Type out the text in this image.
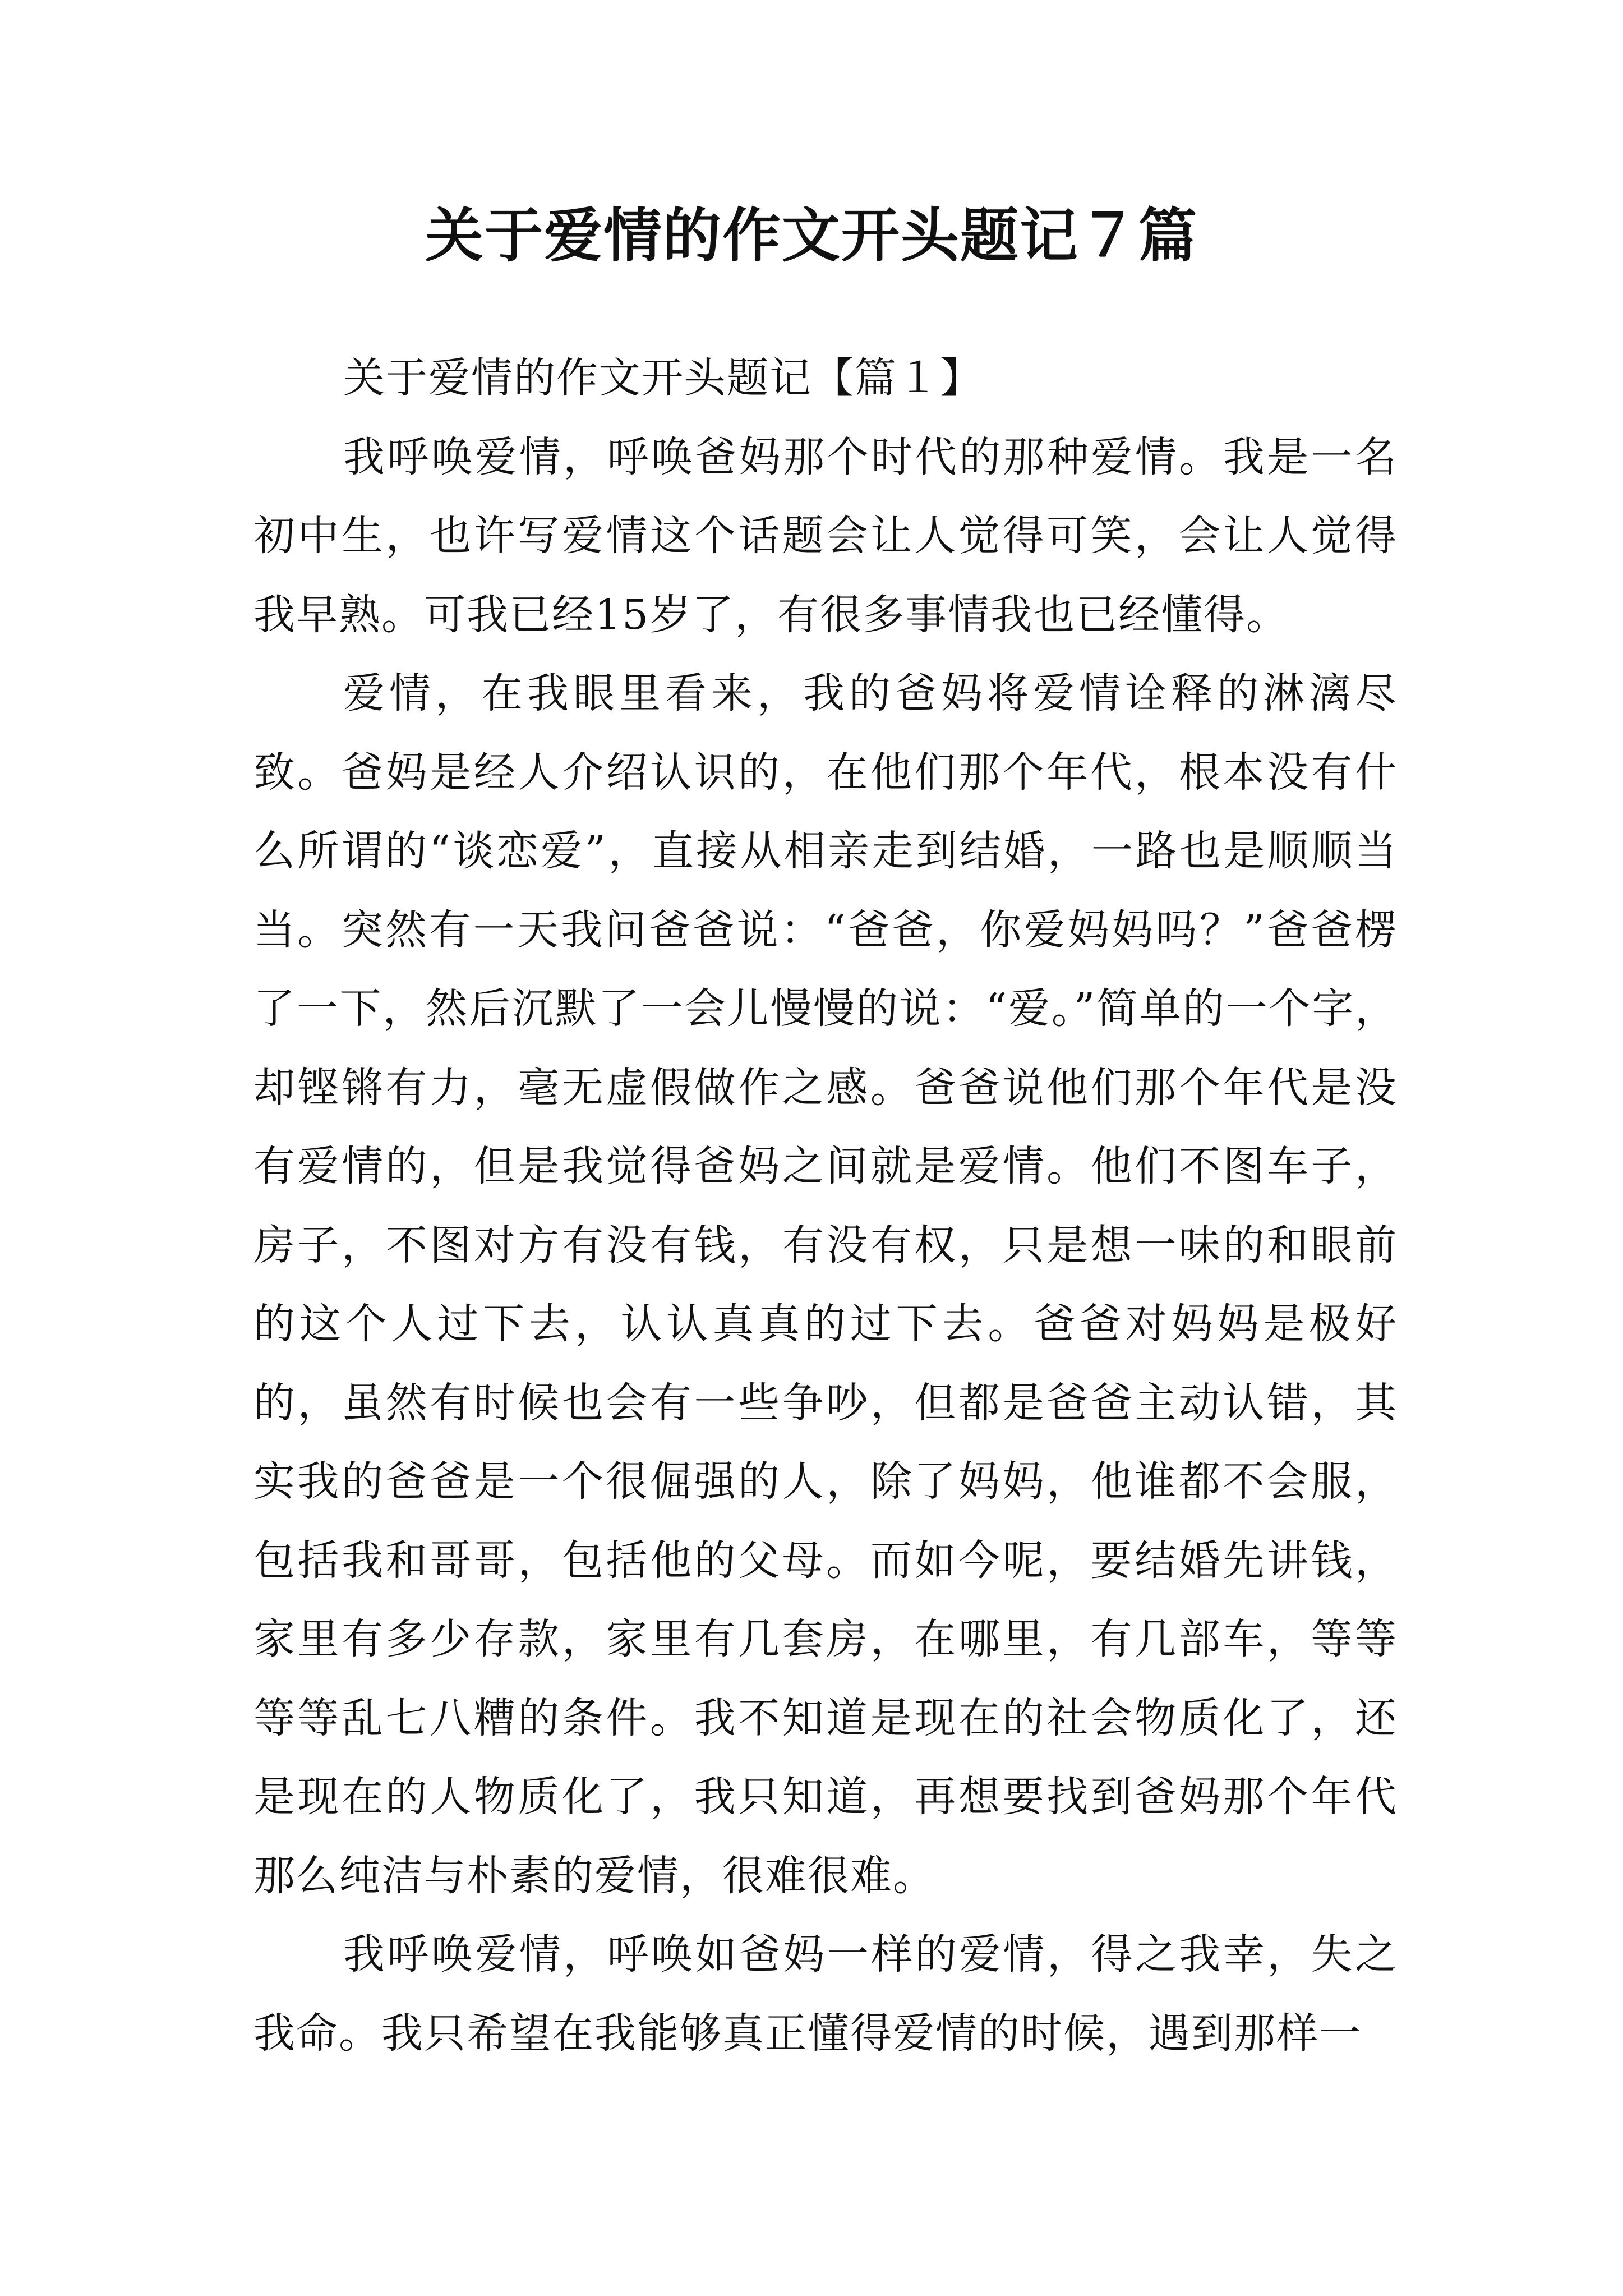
关于爱情的作文开头题记７篇

关于爱情的作文开头题记【篇１】

我呼唤爱情，呼唤爸妈那个时代的那种爱情。我是一名初中生，也许写爱情这个话题会让人觉得可笑，会让人觉得我早熟。可我已经15岁了，有很多事情我也已经懂得。

爱情，在我眼里看来，我的爸妈将爱情诠释的淋漓尽致。爸妈是经人介绍认识的，在他们那个年代，根本没有什么所谓的“谈恋爱”，直接从相亲走到结婚，一路也是顺顺当当。突然有一天我问爸爸说：“爸爸，你爱妈妈吗？”爸爸楞了一下，然后沉默了一会儿慢慢的说：“爱。”简单的一个字，却铿锵有力，毫无虚假做作之感。爸爸说他们那个年代是没有爱情的，但是我觉得爸妈之间就是爱情。他们不图车子，房子，不图对方有没有钱，有没有权，只是想一味的和眼前的这个人过下去，认认真真的过下去。爸爸对妈妈是极好的，虽然有时候也会有一些争吵，但都是爸爸主动认错，其实我的爸爸是一个很倔强的人，除了妈妈，他谁都不会服，包括我和哥哥，包括他的父母。而如今呢，要结婚先讲钱，家里有多少存款，家里有几套房，在哪里，有几部车，等等等等乱七八糟的条件。我不知道是现在的社会物质化了，还是现在的人物质化了，我只知道，再想要找到爸妈那个年代那么纯洁与朴素的爱情，很难很难。

我呼唤爱情，呼唤如爸妈一样的爱情，得之我幸，失之我命。我只希望在我能够真正懂得爱情的时候，遇到那样一
